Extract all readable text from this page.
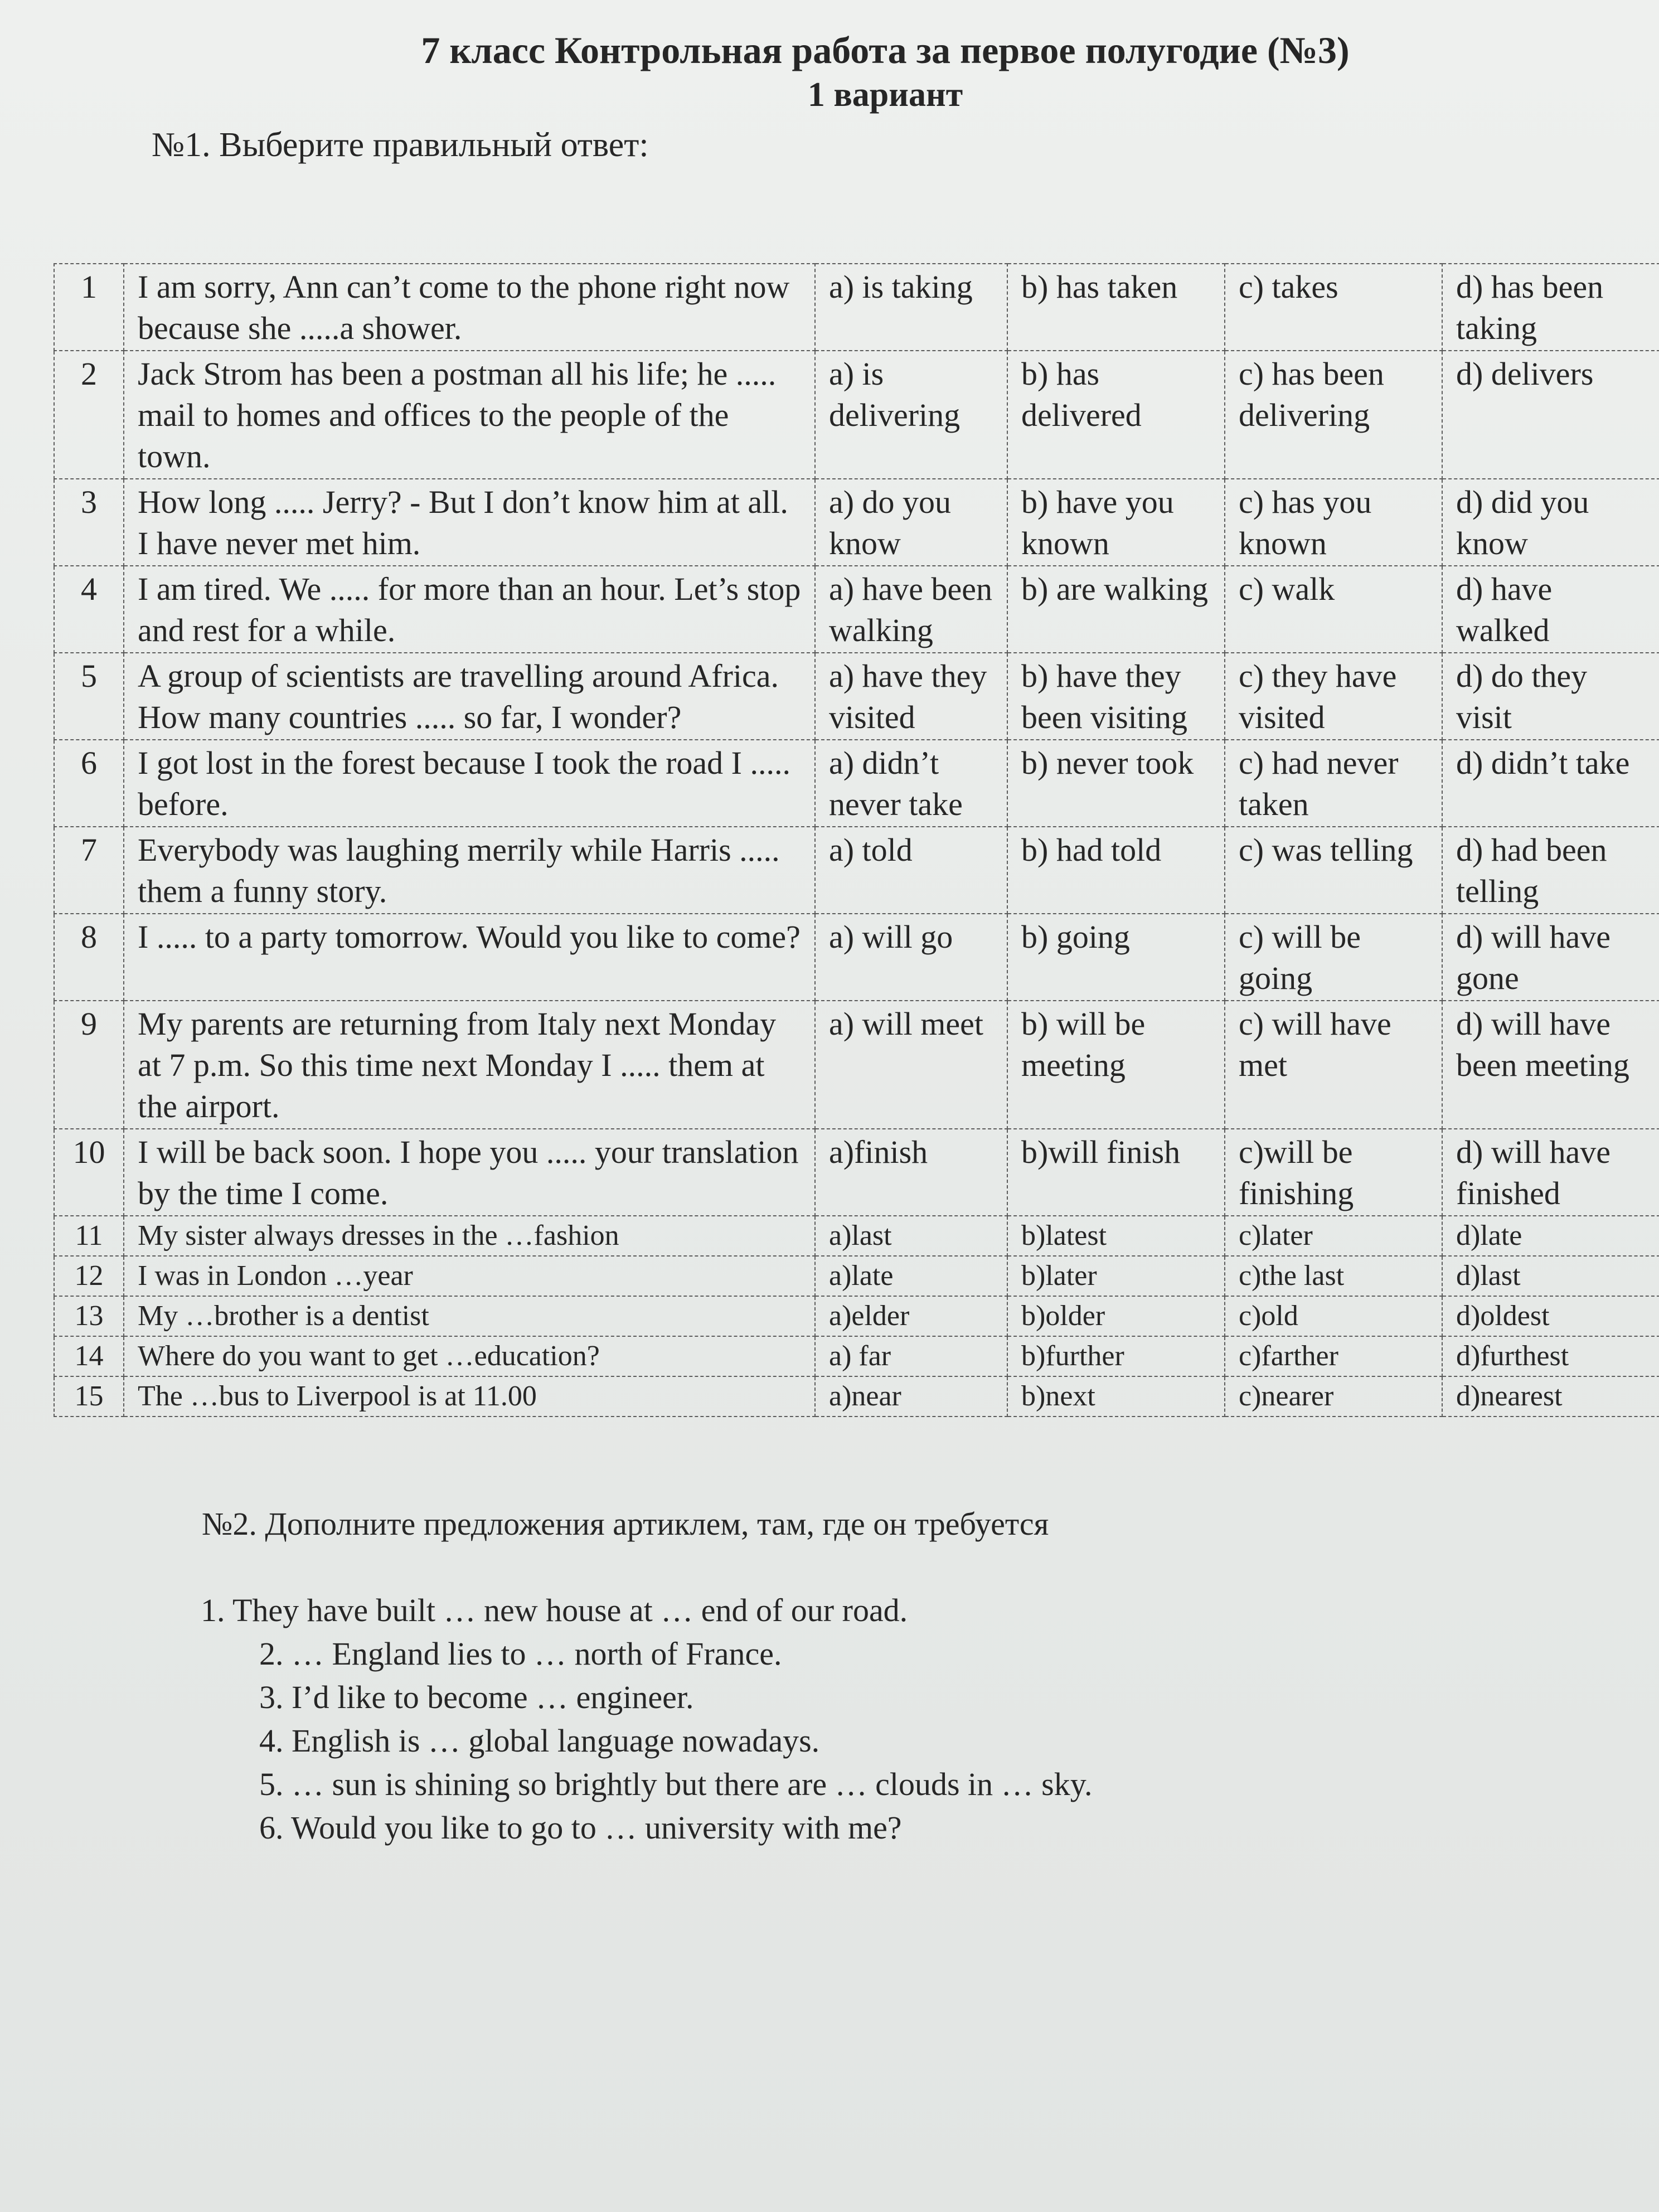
7 класс Контрольная работа за первое полугодие (№3)
1 вариант
№1. Выберите правильный ответ:
1	I am sorry, Ann can’t come to the phone right now because she .....a shower.	a) is taking	b) has taken	c) takes	d) has been taking
2	Jack Strom has been a postman all his life; he ..... mail to homes and offices to the people of the town.	a) is delivering	b) has delivered	c) has been delivering	d) delivers
3	How long ..... Jerry? - But I don’t know him at all. I have never met him.	a) do you know	b) have you known	c) has you known	d) did you know
4	I am tired. We ..... for more than an hour. Let’s stop and rest for a while.	a) have been walking	b) are walking	c) walk	d) have walked
5	A group of scientists are travelling around Africa. How many countries ..... so far, I wonder?	a) have they visited	b) have they been visiting	c) they have visited	d) do they visit
6	I got lost in the forest because I took the road I ..... before.	a) didn’t never take	b) never took	c) had never taken	d) didn’t take
7	Everybody was laughing merrily while Harris ..... them a funny story.	a) told	b) had told	c) was telling	d) had been telling
8	I ..... to a party tomorrow. Would you like to come?	a) will go	b) going	c) will be going	d) will have gone
9	My parents are returning from Italy next Monday at 7 p.m. So this time next Monday I ..... them at the airport.	a) will meet	b) will be meeting	c) will have met	d) will have been meeting
10	I will be back soon. I hope you ..... your translation by the time I come.	a)finish	b)will finish	c)will be finishing	d) will have finished
11	My sister always dresses in the …fashion	a)last	b)latest	c)later	d)late
12	I was in London …year	a)late	b)later	c)the last	d)last
13	My …brother is a dentist	a)elder	b)older	c)old	d)oldest
14	Where do you want to get …education?	a) far	b)further	c)farther	d)furthest
15	The …bus to Liverpool is at 11.00	a)near	b)next	c)nearer	d)nearest
№2. Дополните предложения артиклем, там, где он требуется
1. They have built … new house at … end of our road.
2. … England lies to … north of France.
3. I’d like to become … engineer.
4. English is … global language nowadays.
5. … sun is shining so brightly but there are … clouds in … sky.
6. Would you like to go to … university with me?
